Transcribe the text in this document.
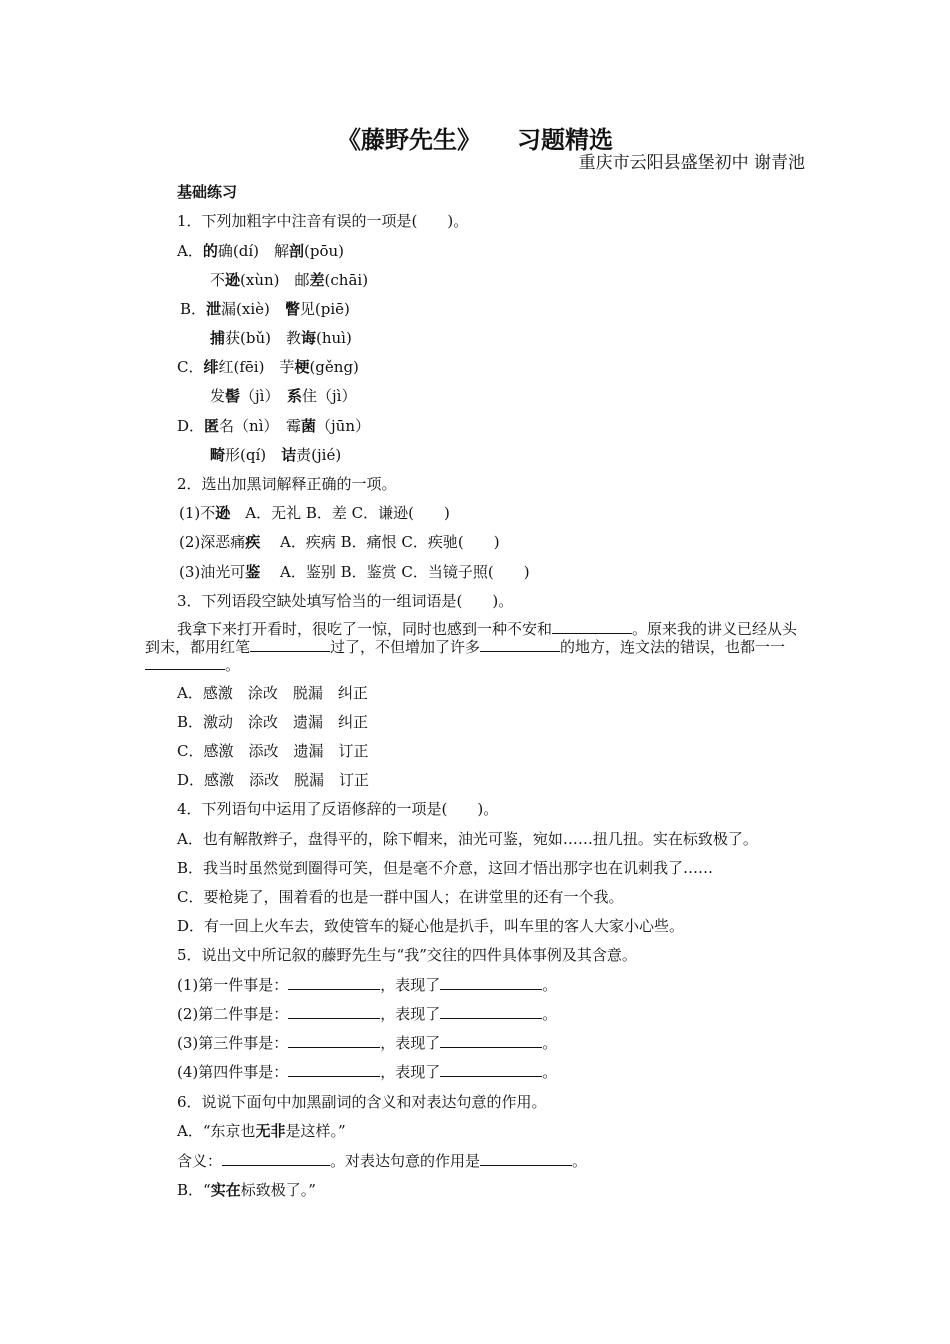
《藤野先生》 习题精选
重庆市云阳县盛堡初中 谢青池
基础练习
1．下列加粗字中注音有误的一项是(　　)。
A．的确(dí)　解剖(pōu)
不逊(xùn)　邮差(chāi)
B．泄漏(xiè)　瞥见(piē)
捕获(bǔ)　教诲(huì)
C．绯红(fēi)　芋梗(gěng)
发髻（jì）　系住（jì）
D．匿名（nì）　霉菌（jūn）
畸形(qí)　诘责(jié)
2．选出加黑词解释正确的一项。
(1)不逊　A．无礼 B．差 C．谦逊(　　)
(2)深恶痛疾　 A．疾病 B．痛恨 C．疾驰(　　)
(3)油光可鉴　 A．鉴别 B．鉴赏 C．当镜子照(　　)
3．下列语段空缺处填写恰当的一组词语是(　　)。
我拿下来打开看时，很吃了一惊，同时也感到一种不安和	。原来我的讲义已经从头到末，都用红笔	过了，不但增加了许多	的地方，连文法的错误，也都一一。
A．感激　涂改　脱漏　纠正
B．激动　涂改　遗漏　纠正
C．感激　添改　遗漏　订正
D．感激　添改　脱漏　订正
4．下列语句中运用了反语修辞的一项是(　　)。
A．也有解散辫子，盘得平的，除下帽来，油光可鉴，宛如……扭几扭。实在标致极了。
B．我当时虽然觉到圈得可笑，但是毫不介意，这回才悟出那字也在讥刺我了……
C．要枪毙了，围着看的也是一群中国人；在讲堂里的还有一个我。
D．有一回上火车去，致使管车的疑心他是扒手，叫车里的客人大家小心些。
5．说出文中所记叙的藤野先生与“我”交往的四件具体事例及其含意。
(1)第一件事是：	，表现了	。
(2)第二件事是：	，表现了	。
(3)第三件事是：	，表现了	。
(4)第四件事是：	，表现了	。
6．说说下面句中加黑副词的含义和对表达句意的作用。
A．“东京也无非是这样。”
含义：	。对表达句意的作用是	。
B．“实在标致极了。”
